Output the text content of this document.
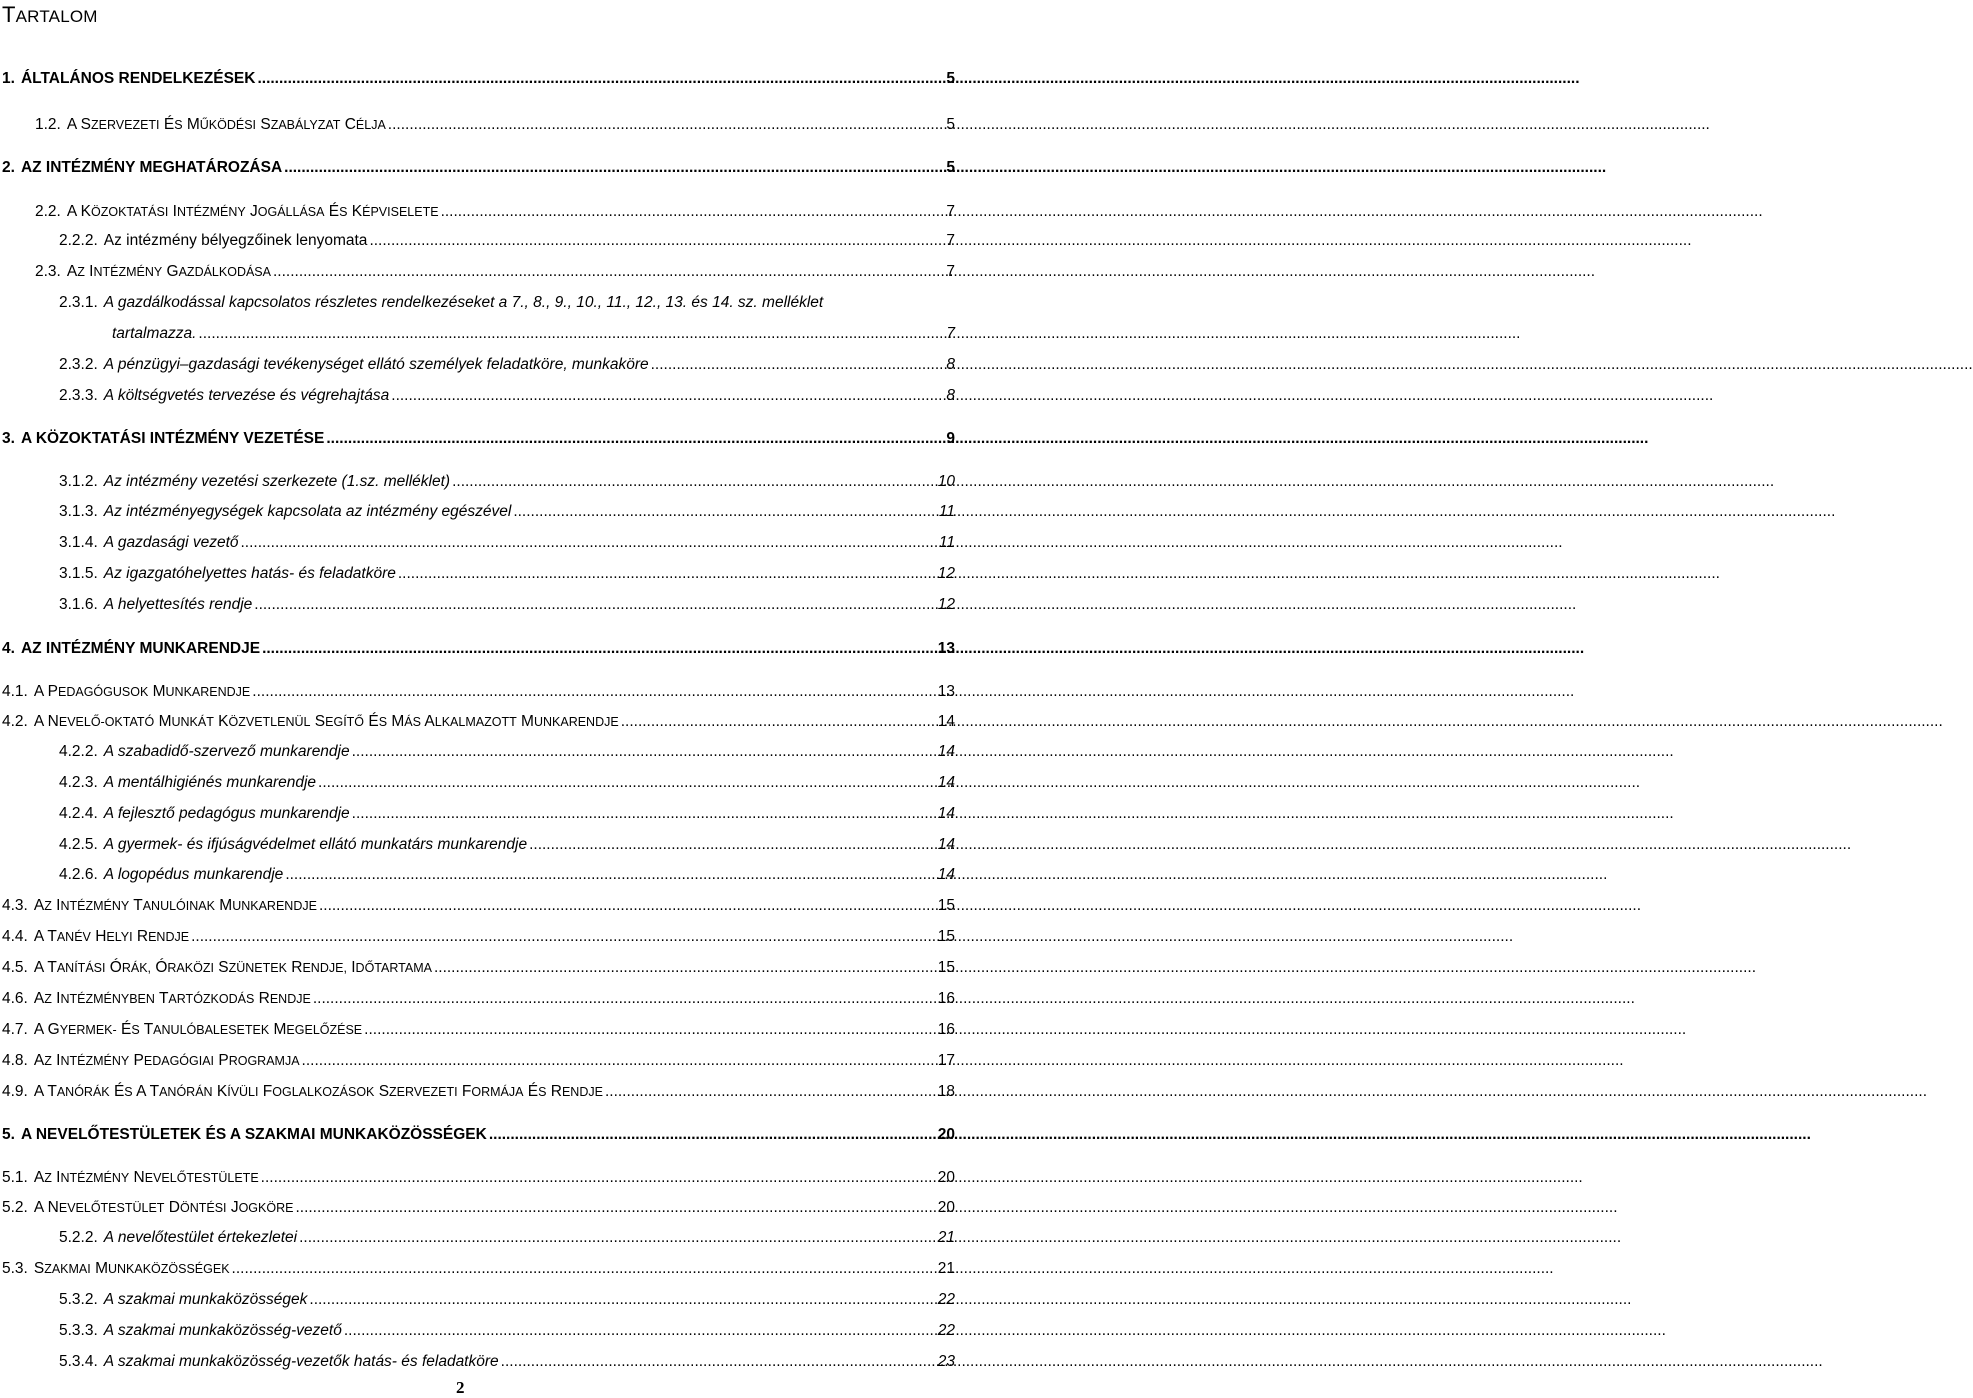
TARTALOM
1. ÁLTALÁNOS RENDELKEZÉSEK .....	5
1.2. A SZERVEZETI ÉS MŰKÖDÉSI SZABÁLYZAT CÉLJA .....	5
2. AZ INTÉZMÉNY MEGHATÁROZÁSA .....	5
2.2. A KÖZOKTATÁSI INTÉZMÉNY JOGÁLLÁSA ÉS KÉPVISELETE .....	7
2.2.2. Az intézmény bélyegzőinek lenyomata .....	7
2.3. AZ INTÉZMÉNY GAZDÁLKODÁSA .....	7
2.3.1. A gazdálkodással kapcsolatos részletes rendelkezéseket a 7., 8., 9., 10., 11., 12., 13. és 14. sz. melléklet
tartalmazza. .....	7
2.3.2. A pénzügyi–gazdasági tevékenységet ellátó személyek feladatköre, munkaköre .....	8
2.3.3. A költségvetés tervezése és végrehajtása .....	8
3. A KÖZOKTATÁSI INTÉZMÉNY VEZETÉSE .....	9
3.1.2. Az intézmény vezetési szerkezete (1.sz. melléklet) .....	10
3.1.3. Az intézményegységek kapcsolata az intézmény egészével .....	11
3.1.4. A gazdasági vezető .....	11
3.1.5. Az igazgatóhelyettes hatás- és feladatköre .....	12
3.1.6. A helyettesítés rendje .....	12
4. AZ INTÉZMÉNY MUNKARENDJE .....	13
4.1. A PEDAGÓGUSOK MUNKARENDJE .....	13
4.2. A NEVELŐ-OKTATÓ MUNKÁT KÖZVETLENÜL SEGÍTŐ ÉS MÁS ALKALMAZOTT MUNKARENDJE .....	14
4.2.2. A szabadidő-szervező munkarendje .....	14
4.2.3. A mentálhigiénés munkarendje .....	14
4.2.4. A fejlesztő pedagógus munkarendje .....	14
4.2.5. A gyermek- és ifjúságvédelmet ellátó munkatárs munkarendje .....	14
4.2.6. A logopédus munkarendje .....	14
4.3. AZ INTÉZMÉNY TANULÓINAK MUNKARENDJE .....	15
4.4. A TANÉV HELYI RENDJE .....	15
4.5. A TANÍTÁSI ÓRÁK, ÓRAKÖZI SZÜNETEK RENDJE, IDŐTARTAMA .....	15
4.6. AZ INTÉZMÉNYBEN TARTÓZKODÁS RENDJE .....	16
4.7. A GYERMEK- ÉS TANULÓBALESETEK MEGELŐZÉSE .....	16
4.8. AZ INTÉZMÉNY PEDAGÓGIAI PROGRAMJA .....	17
4.9. A TANÓRÁK ÉS A TANÓRÁN KÍVÜLI FOGLALKOZÁSOK SZERVEZETI FORMÁJA ÉS RENDJE .....	18
5. A NEVELŐTESTÜLETEK ÉS A SZAKMAI MUNKAKÖZÖSSÉGEK .....	20
5.1. AZ INTÉZMÉNY NEVELŐTESTÜLETE .....	20
5.2. A NEVELŐTESTÜLET DÖNTÉSI JOGKÖRE .....	20
5.2.2. A nevelőtestület értekezletei .....	21
5.3. SZAKMAI MUNKAKÖZÖSSÉGEK .....	21
5.3.2. A szakmai munkaközösségek .....	22
5.3.3. A szakmai munkaközösség-vezető .....	22
5.3.4. A szakmai munkaközösség-vezetők hatás- és feladatköre .....	23
2
